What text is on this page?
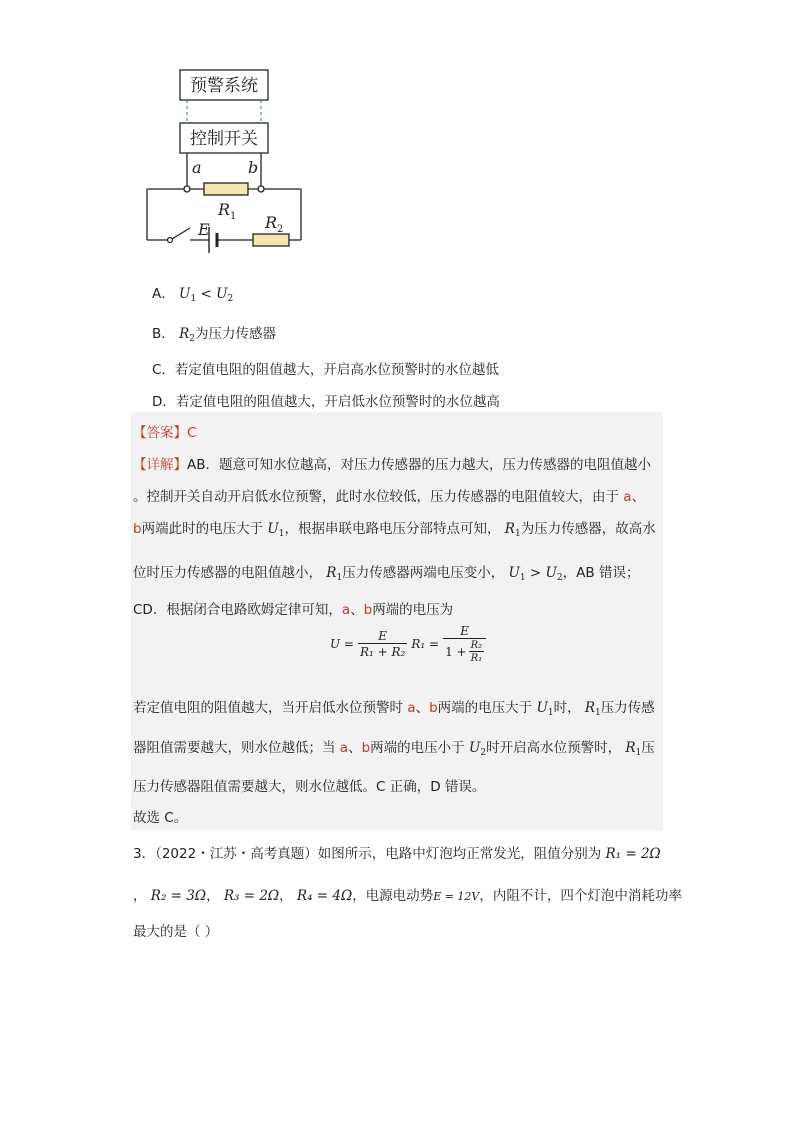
预警系统
控制开关
a	b
$R_1$
E	$R_2$
A． $U_1 < U_2$
B． $R_2$为压力传感器
C．若定值电阻的阻值越大，开启高水位预警时的水位越低
D．若定值电阻的阻值越大，开启低水位预警时的水位越高
【答案】C
【详解】AB．题意可知水位越高，对压力传感器的压力越大，压力传感器的电阻值越小
。控制开关自动开启低水位预警，此时水位较低，压力传感器的电阻值较大，由于 a、
b两端此时的电压大于 $U_1$，根据串联电路电压分部特点可知， $R_1$为压力传感器，故高水
位时压力传感器的电阻值越小， $R_1$压力传感器两端电压变小， $U_1 > U_2$，AB 错误；
CD．根据闭合电路欧姆定律可知，a、b两端的电压为
$U = \frac{E}{\text{R₁ + R₂}} R_1 = \frac{E}{1 + \frac{\text{R₂}}{\text{R₁}}}$
若定值电阻的阻值越大，当开启低水位预警时 a、b两端的电压大于 $U_1$时， $R_1$压力传感
器阻值需要越大，则水位越低；当 a、b两端的电压小于 $U_2$时开启高水位预警时， $R_1$压
压力传感器阻值需要越大，则水位越低。C 正确，D 错误。
故选 C。
3．（2022・江苏・高考真题）如图所示，电路中灯泡均正常发光，阻值分别为 R₁ = 2Ω
， R₂ = 3Ω， R₃ = 2Ω， R₄ = 4Ω，电源电动势E = 12V，内阻不计，四个灯泡中消耗功率
最大的是（ ）
